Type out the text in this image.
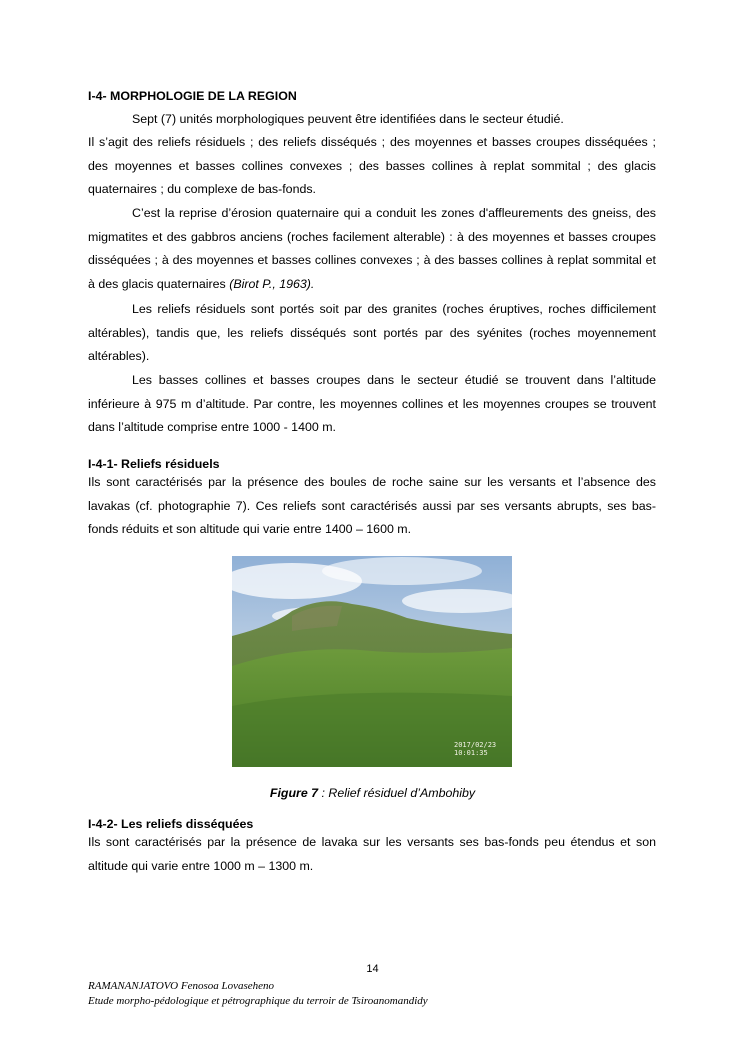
I-4- MORPHOLOGIE DE LA REGION

Sept (7) unités morphologiques peuvent être identifiées dans le secteur étudié.

Il s’agit des reliefs résiduels ; des reliefs disséqués ; des moyennes et basses croupes disséquées ; des moyennes et basses collines convexes ; des basses collines à replat sommital ; des glacis quaternaires ; du complexe de bas-fonds.

C’est la reprise d’érosion quaternaire qui a conduit les zones d'affleurements des gneiss, des migmatites et des gabbros anciens (roches facilement alterable) : à des moyennes et basses croupes disséquées ; à des moyennes et basses collines convexes ; à des basses collines à replat sommital et à des glacis quaternaires (Birot P., 1963).

Les reliefs résiduels sont portés soit par des granites (roches éruptives, roches difficilement altérables), tandis que, les reliefs disséqués sont portés par des syénites (roches moyennement altérables).

Les basses collines et basses croupes dans le secteur étudié se trouvent dans l’altitude inférieure à 975 m d’altitude. Par contre, les moyennes collines et les moyennes croupes se trouvent dans l’altitude comprise entre 1000 - 1400 m.

I-4-1- Reliefs résiduels

Ils sont caractérisés par la présence des boules de roche saine sur les versants et l’absence des lavakas (cf. photographie 7). Ces reliefs sont caractérisés aussi par ses versants abrupts, ses bas-fonds réduits et son altitude qui varie entre 1400 – 1600 m.

2017/02/23
10:01:35
Figure 7 : Relief résiduel d’Ambohiby
I-4-2- Les reliefs disséquées

Ils sont caractérisés par la présence de lavaka sur les versants ses bas-fonds peu étendus et son altitude qui varie entre 1000 m – 1300 m.

14
RAMANANJATOVO Fenosoa Lovaseheno
Etude morpho-pédologique et pétrographique du terroir de Tsiroanomandidy
